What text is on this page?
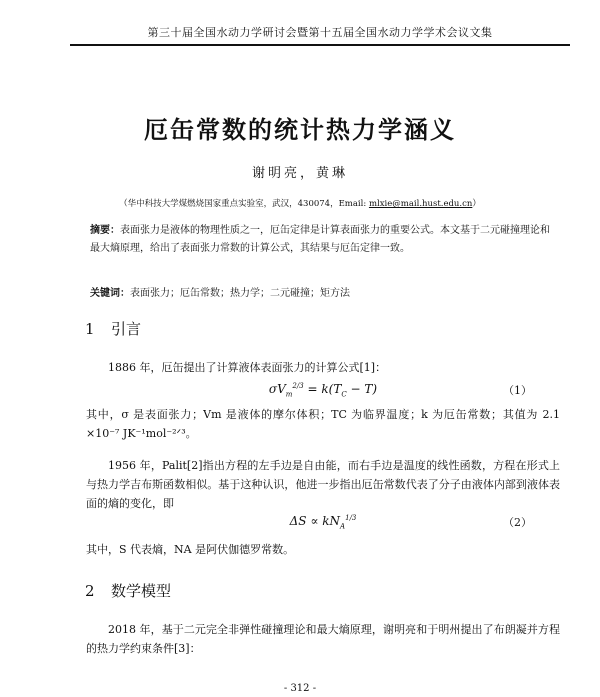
第三十届全国水动力学研讨会暨第十五届全国水动力学学术会议文集
厄缶常数的统计热力学涵义
谢明亮，黄琳
（华中科技大学煤燃烧国家重点实验室，武汉，430074，Email: mlxie@mail.hust.edu.cn）
摘要：表面张力是液体的物理性质之一，厄缶定律是计算表面张力的重要公式。本文基于二元碰撞理论和最大熵原理，给出了表面张力常数的计算公式，其结果与厄缶定律一致。
关键词：表面张力；厄缶常数；热力学；二元碰撞；矩方法
1 引言
1886 年，厄缶提出了计算液体表面张力的计算公式[1]：
$\sigma V_m^{2/3} = k(T_C - T)$	（1）
其中，σ 是表面张力；Vm 是液体的摩尔体积；TC 为临界温度；k 为厄缶常数；其值为 2.1 ×10⁻⁷ JK⁻¹mol⁻²ᐟ³。
1956 年，Palit[2]指出方程的左手边是自由能，而右手边是温度的线性函数，方程在形式上与热力学吉布斯函数相似。基于这种认识，他进一步指出厄缶常数代表了分子由液体内部到液体表面的熵的变化，即
$\Delta S \propto kN_A^{1/3}$	（2）
其中，S 代表熵，NA 是阿伏伽德罗常数。
2 数学模型
2018 年，基于二元完全非弹性碰撞理论和最大熵原理，谢明亮和于明州提出了布朗凝并方程的热力学约束条件[3]：
- 312 -
